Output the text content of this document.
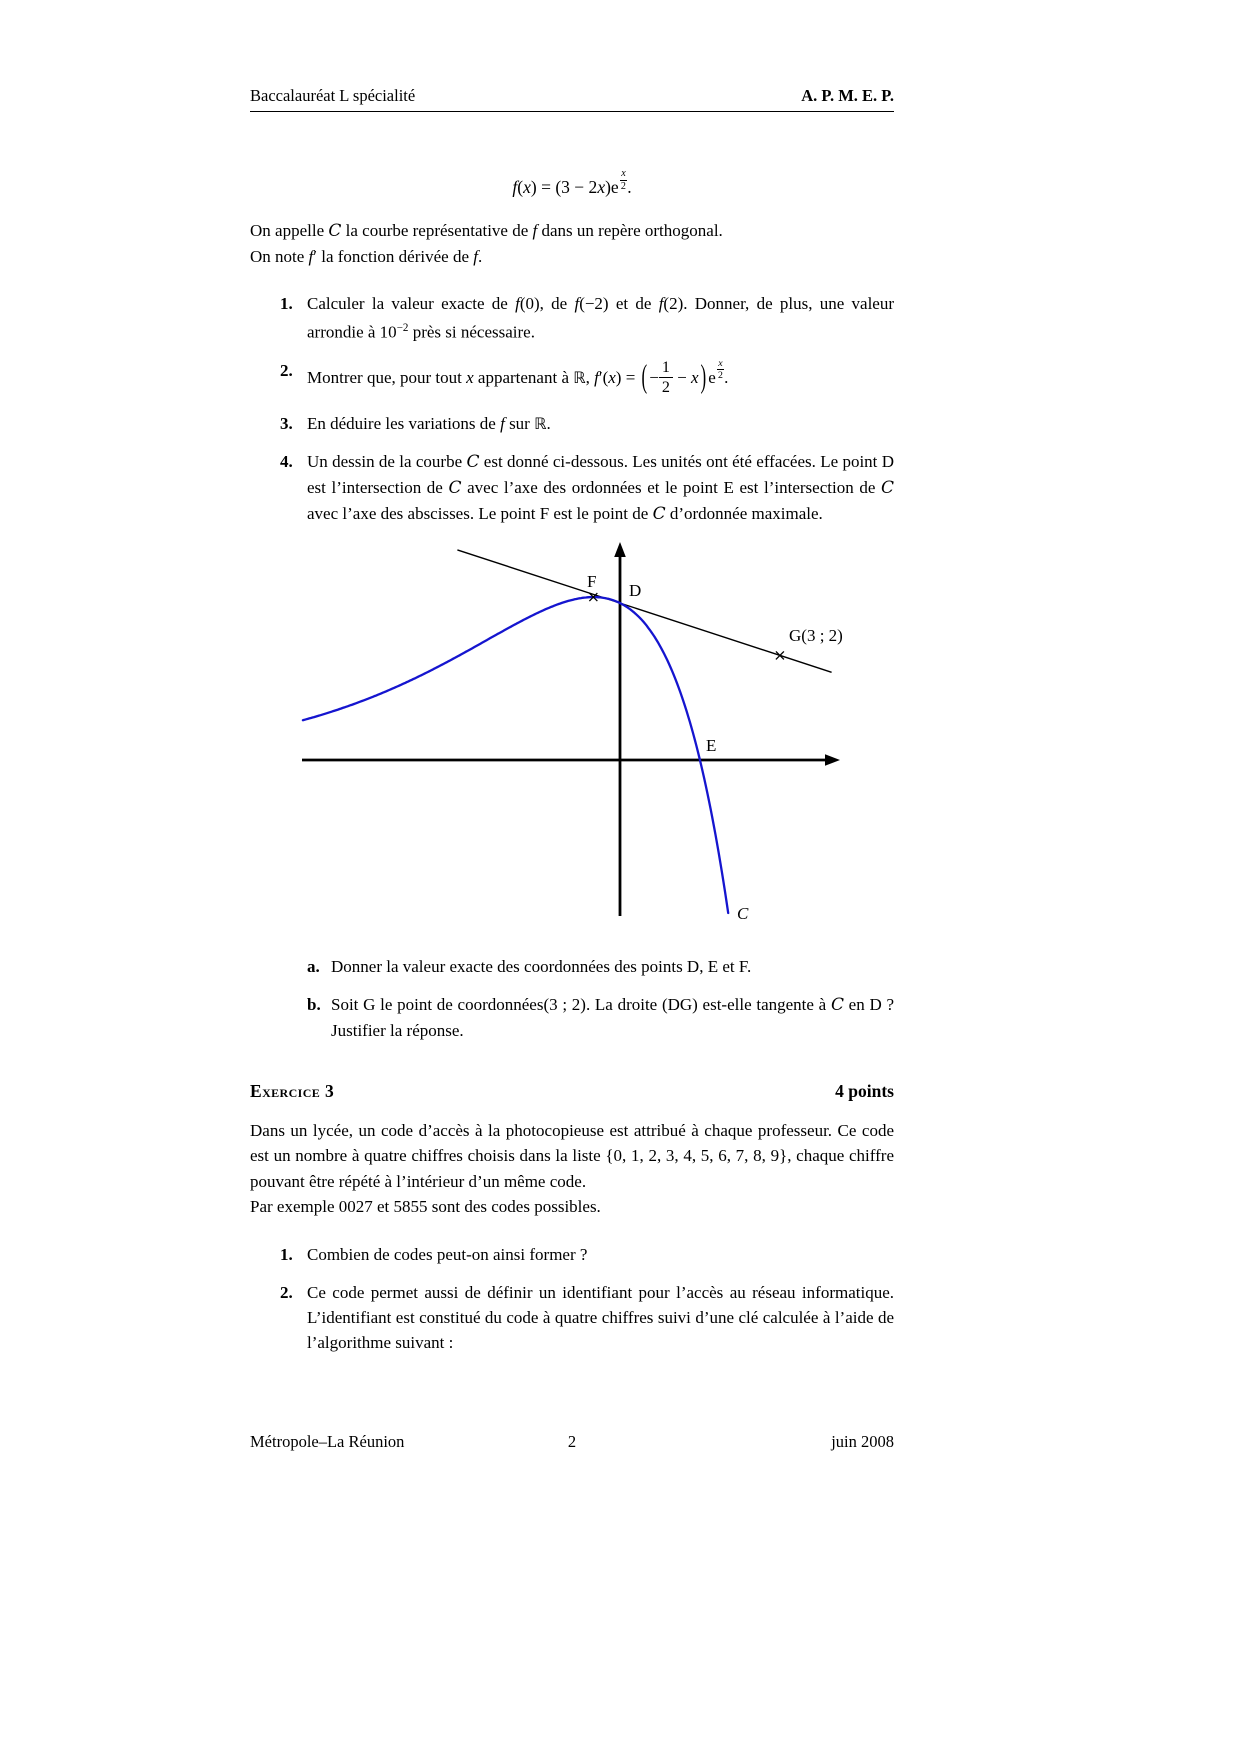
Baccalauréat L spécialité	A. P. M. E. P.
f(x) = (3 − 2x)e $^{\frac{x}{2}}$ .
On appelle C la courbe représentative de f dans un repère orthogonal.
On note f′ la fonction dérivée de f.
1. Calculer la valeur exacte de f(0), de f(−2) et de f(2). Donner, de plus, une valeur arrondie à $10^{-2}$ près si nécessaire.
2. Montrer que, pour tout x appartenant à ℝ, f′(x) = ( − $\frac{1}{2} - x$ ) e $^{\frac{x}{2}}$ .
3. En déduire les variations de f sur ℝ.
4. Un dessin de la courbe C est donné ci-dessous. Les unités ont été effacées. Le point D est l’intersection de C avec l’axe des ordonnées et le point E est l’intersection de C avec l’axe des abscisses. Le point F est le point de C d’ordonnée maximale.
F D
E
G(3 ; 2)
C
a. Donner la valeur exacte des coordonnées des points D, E et F.
b. Soit G le point de coordonnées(3 ; 2). La droite (DG) est-elle tangente à C en D ? Justifier la réponse.
Exercice 3	4 points
Dans un lycée, un code d’accès à la photocopieuse est attribué à chaque professeur. Ce code est un nombre à quatre chiffres choisis dans la liste {0, 1, 2, 3, 4, 5, 6, 7, 8, 9}, chaque chiffre pouvant être répété à l’intérieur d’un même code.
Par exemple 0027 et 5855 sont des codes possibles.
1. Combien de codes peut-on ainsi former ?
2. Ce code permet aussi de définir un identifiant pour l’accès au réseau informatique. L’identifiant est constitué du code à quatre chiffres suivi d’une clé calculée à l’aide de l’algorithme suivant :
Métropole–La Réunion	2	juin 2008
